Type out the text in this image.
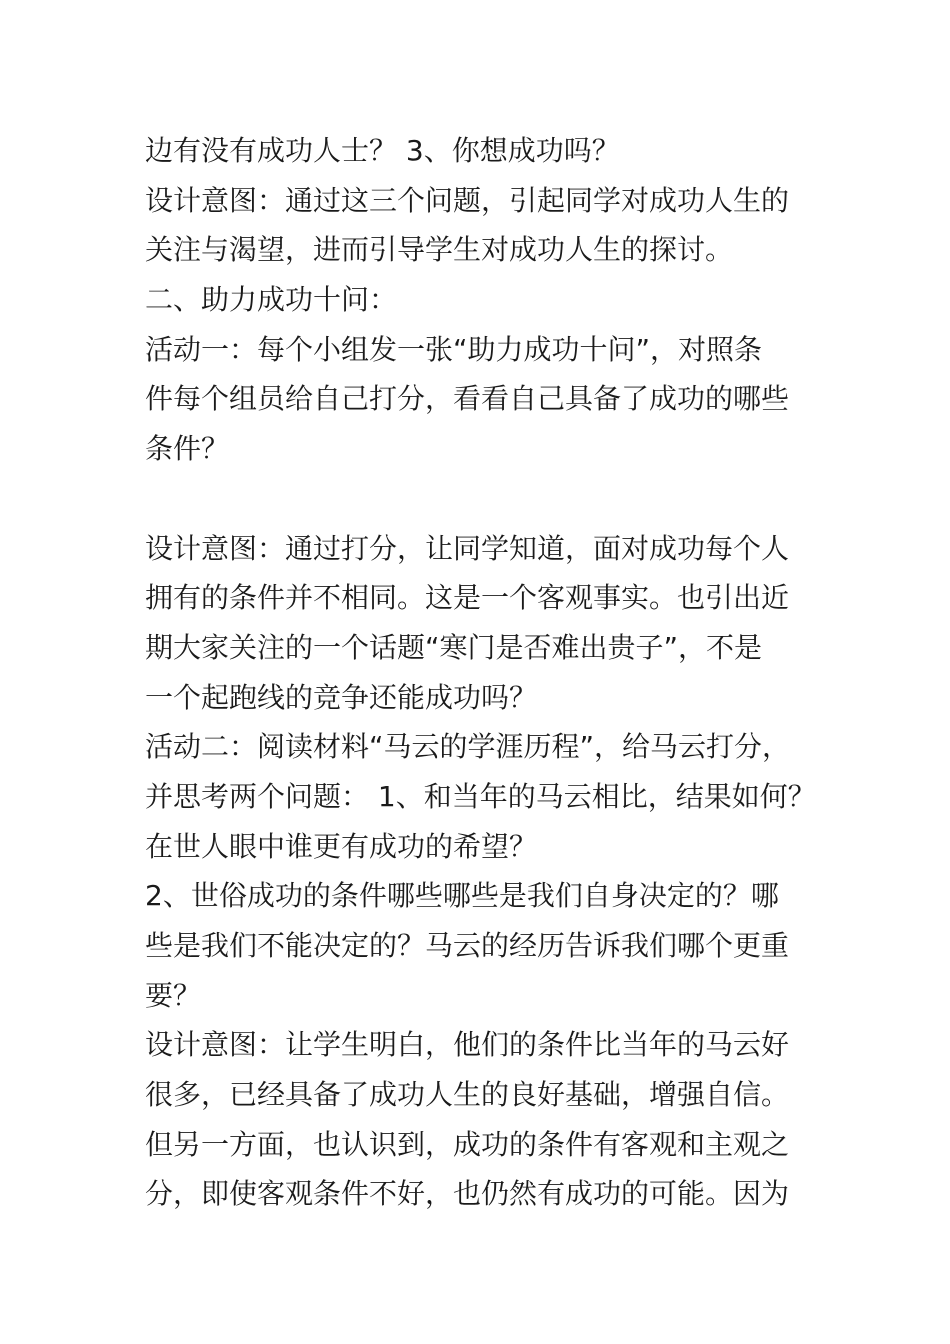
边有没有成功人士？ 3、你想成功吗？
设计意图：通过这三个问题，引起同学对成功人生的
关注与渴望，进而引导学生对成功人生的探讨。
二、助力成功十问：
活动一：每个小组发一张“助力成功十问”，对照条
件每个组员给自己打分，看看自己具备了成功的哪些
条件？
设计意图：通过打分，让同学知道，面对成功每个人
拥有的条件并不相同。这是一个客观事实。也引出近
期大家关注的一个话题“寒门是否难出贵子”，不是
一个起跑线的竞争还能成功吗？
活动二：阅读材料“马云的学涯历程”，给马云打分，
并思考两个问题： 1、和当年的马云相比，结果如何？
在世人眼中谁更有成功的希望？
2、世俗成功的条件哪些哪些是我们自身决定的？哪
些是我们不能决定的？马云的经历告诉我们哪个更重
要？
设计意图：让学生明白，他们的条件比当年的马云好
很多，已经具备了成功人生的良好基础，增强自信。
但另一方面，也认识到，成功的条件有客观和主观之
分，即使客观条件不好，也仍然有成功的可能。因为
